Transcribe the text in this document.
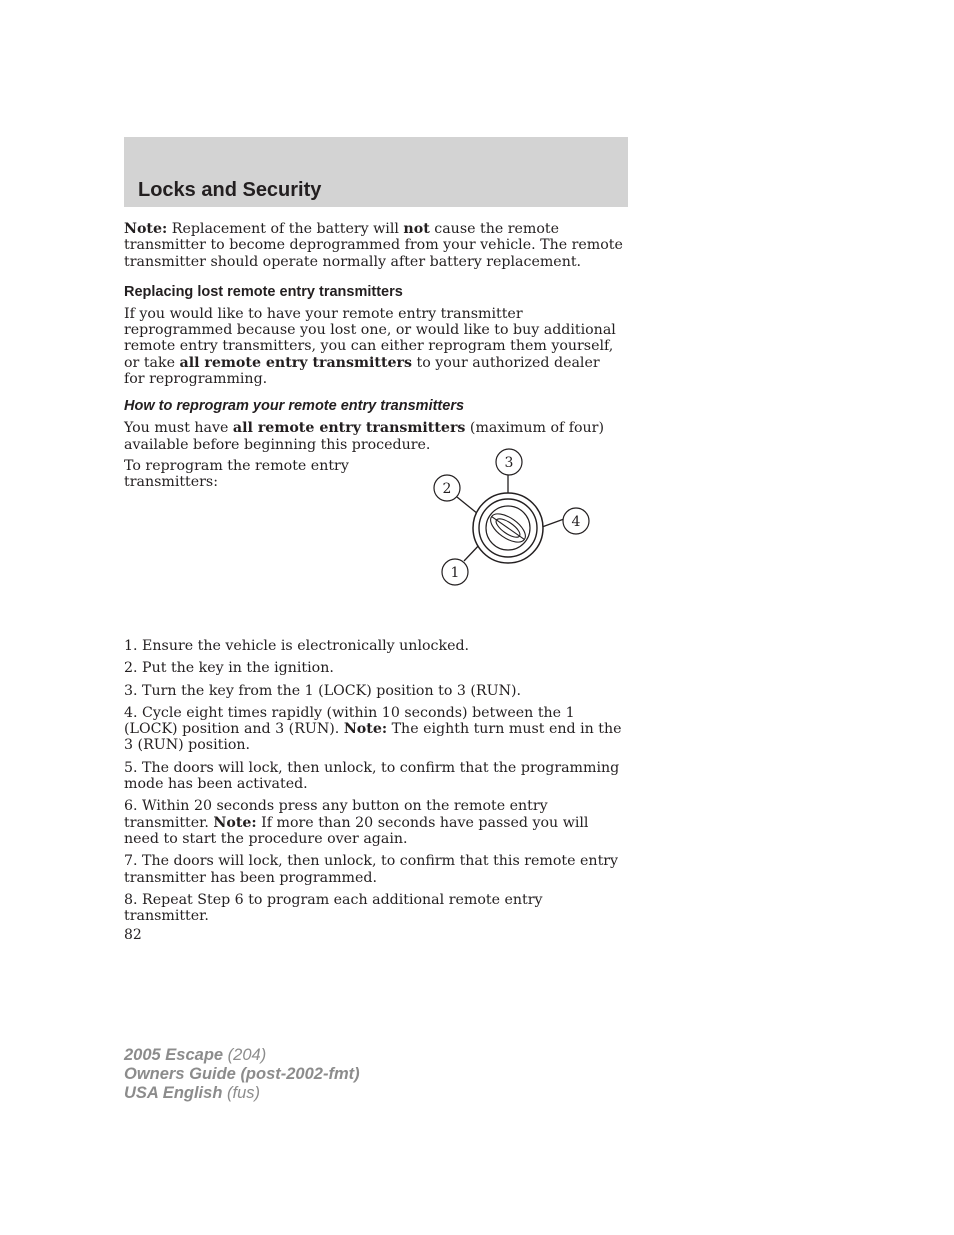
Locks and Security

Note: Replacement of the battery will not cause the remote transmitter to become deprogrammed from your vehicle. The remote transmitter should operate normally after battery replacement.

Replacing lost remote entry transmitters

If you would like to have your remote entry transmitter reprogrammed because you lost one, or would like to buy additional remote entry transmitters, you can either reprogram them yourself, or take all remote entry transmitters to your authorized dealer for reprogramming.

How to reprogram your remote entry transmitters

You must have all remote entry transmitters (maximum of four) available before beginning this procedure.

To reprogram the remote entry transmitters:

1
2
3
4

1. Ensure the vehicle is electronically unlocked.

2. Put the key in the ignition.

3. Turn the key from the 1 (LOCK) position to 3 (RUN).

4. Cycle eight times rapidly (within 10 seconds) between the 1 (LOCK) position and 3 (RUN). Note: The eighth turn must end in the 3 (RUN) position.

5. The doors will lock, then unlock, to confirm that the programming mode has been activated.

6. Within 20 seconds press any button on the remote entry transmitter. Note: If more than 20 seconds have passed you will need to start the procedure over again.

7. The doors will lock, then unlock, to confirm that this remote entry transmitter has been programmed.

8. Repeat Step 6 to program each additional remote entry transmitter.

82
2005 Escape (204)
Owners Guide (post-2002-fmt)
USA English (fus)
